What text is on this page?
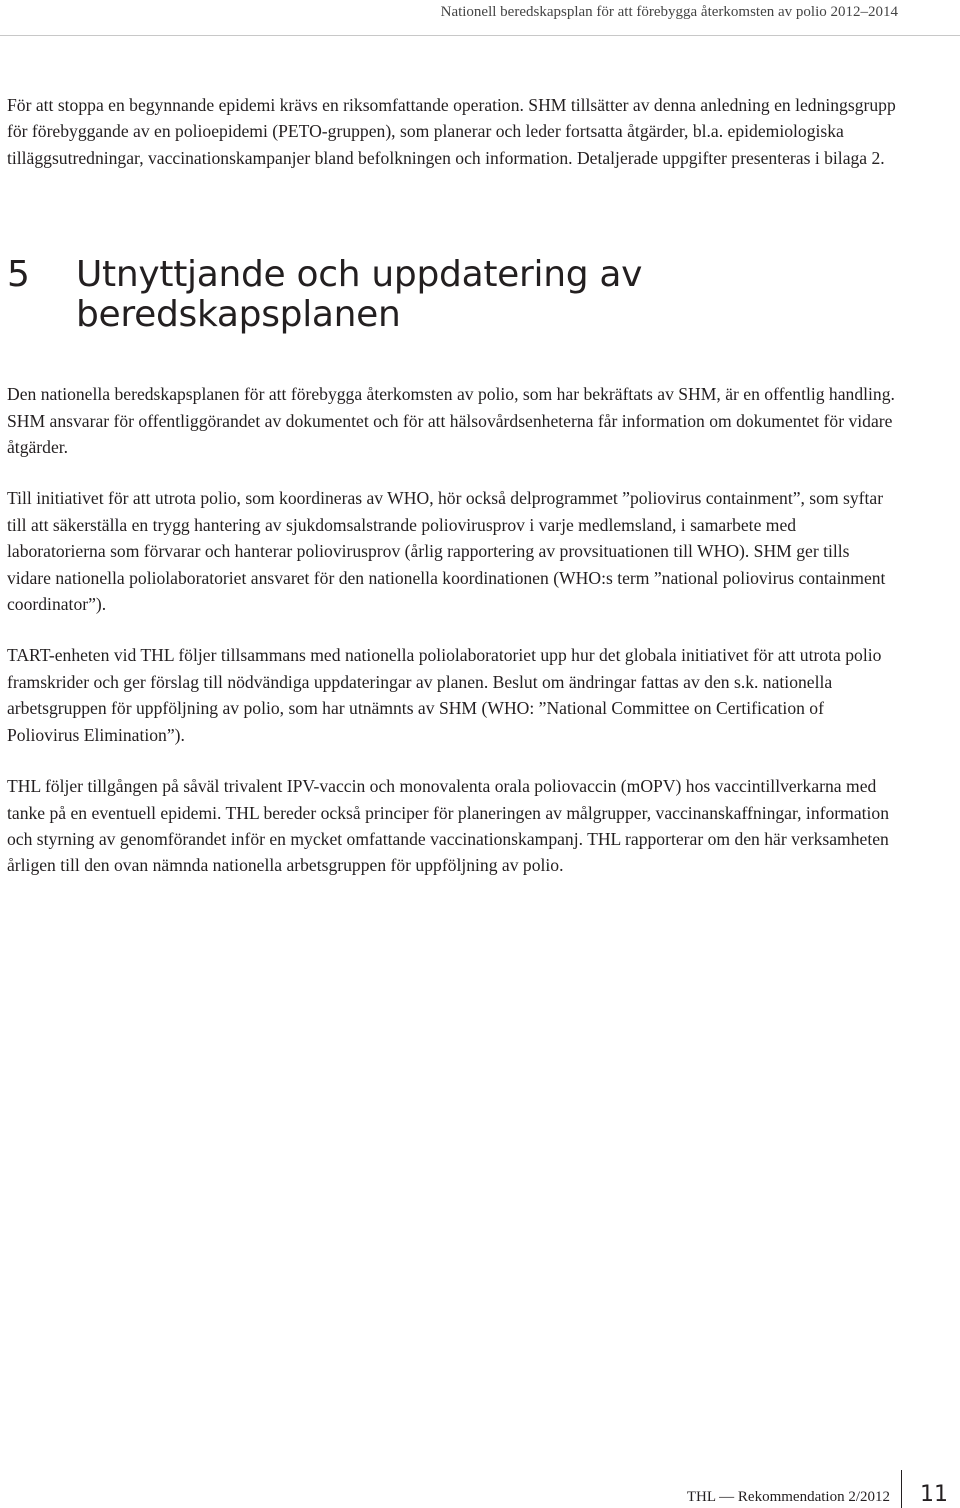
Nationell beredskapsplan för att förebygga återkomsten av polio 2012–2014

För att stoppa en begynnande epidemi krävs en riksomfattande operation. SHM tillsätter av denna anledning en ledningsgrupp för förebyggande av en polioepidemi (PETO-gruppen), som planerar och leder fortsatta åtgärder, bl.a. epidemiologiska tilläggsutredningar, vaccinationskampanjer bland befolkningen och information. Detaljerade uppgifter presenteras i bilaga 2.

5	Utnyttjande och uppdatering av beredskapsplanen

Den nationella beredskapsplanen för att förebygga återkomsten av polio, som har bekräftats av SHM, är en offentlig handling. SHM ansvarar för offentliggörandet av dokumentet och för att hälsovårdsenheterna får information om dokumentet för vidare åtgärder.

Till initiativet för att utrota polio, som koordineras av WHO, hör också delprogrammet ”poliovirus containment”, som syftar till att säkerställa en trygg hantering av sjukdomsalstrande poliovirusprov i varje medlemsland, i samarbete med laboratorierna som förvarar och hanterar poliovirusprov (årlig rapportering av provsituationen till WHO). SHM ger tills vidare nationella poliolaboratoriet ansvaret för den nationella koordinationen (WHO:s term ”national poliovirus containment coordinator”).

TART-enheten vid THL följer tillsammans med nationella poliolaboratoriet upp hur det globala initiativet för att utrota polio framskrider och ger förslag till nödvändiga uppdateringar av planen. Beslut om ändringar fattas av den s.k. nationella arbetsgruppen för uppföljning av polio, som har utnämnts av SHM (WHO: ”National Committee on Certification of Poliovirus Elimination”).

THL följer tillgången på såväl trivalent IPV-vaccin och monovalenta orala poliovaccin (mOPV) hos vaccintillverkarna med tanke på en eventuell epidemi. THL bereder också principer för planeringen av målgrupper, vaccinanskaffningar, information och styrning av genomförandet inför en mycket omfattande vaccinationskampanj. THL rapporterar om den här verksamheten årligen till den ovan nämnda nationella arbetsgruppen för uppföljning av polio.

THL — Rekommendation 2/2012	11
